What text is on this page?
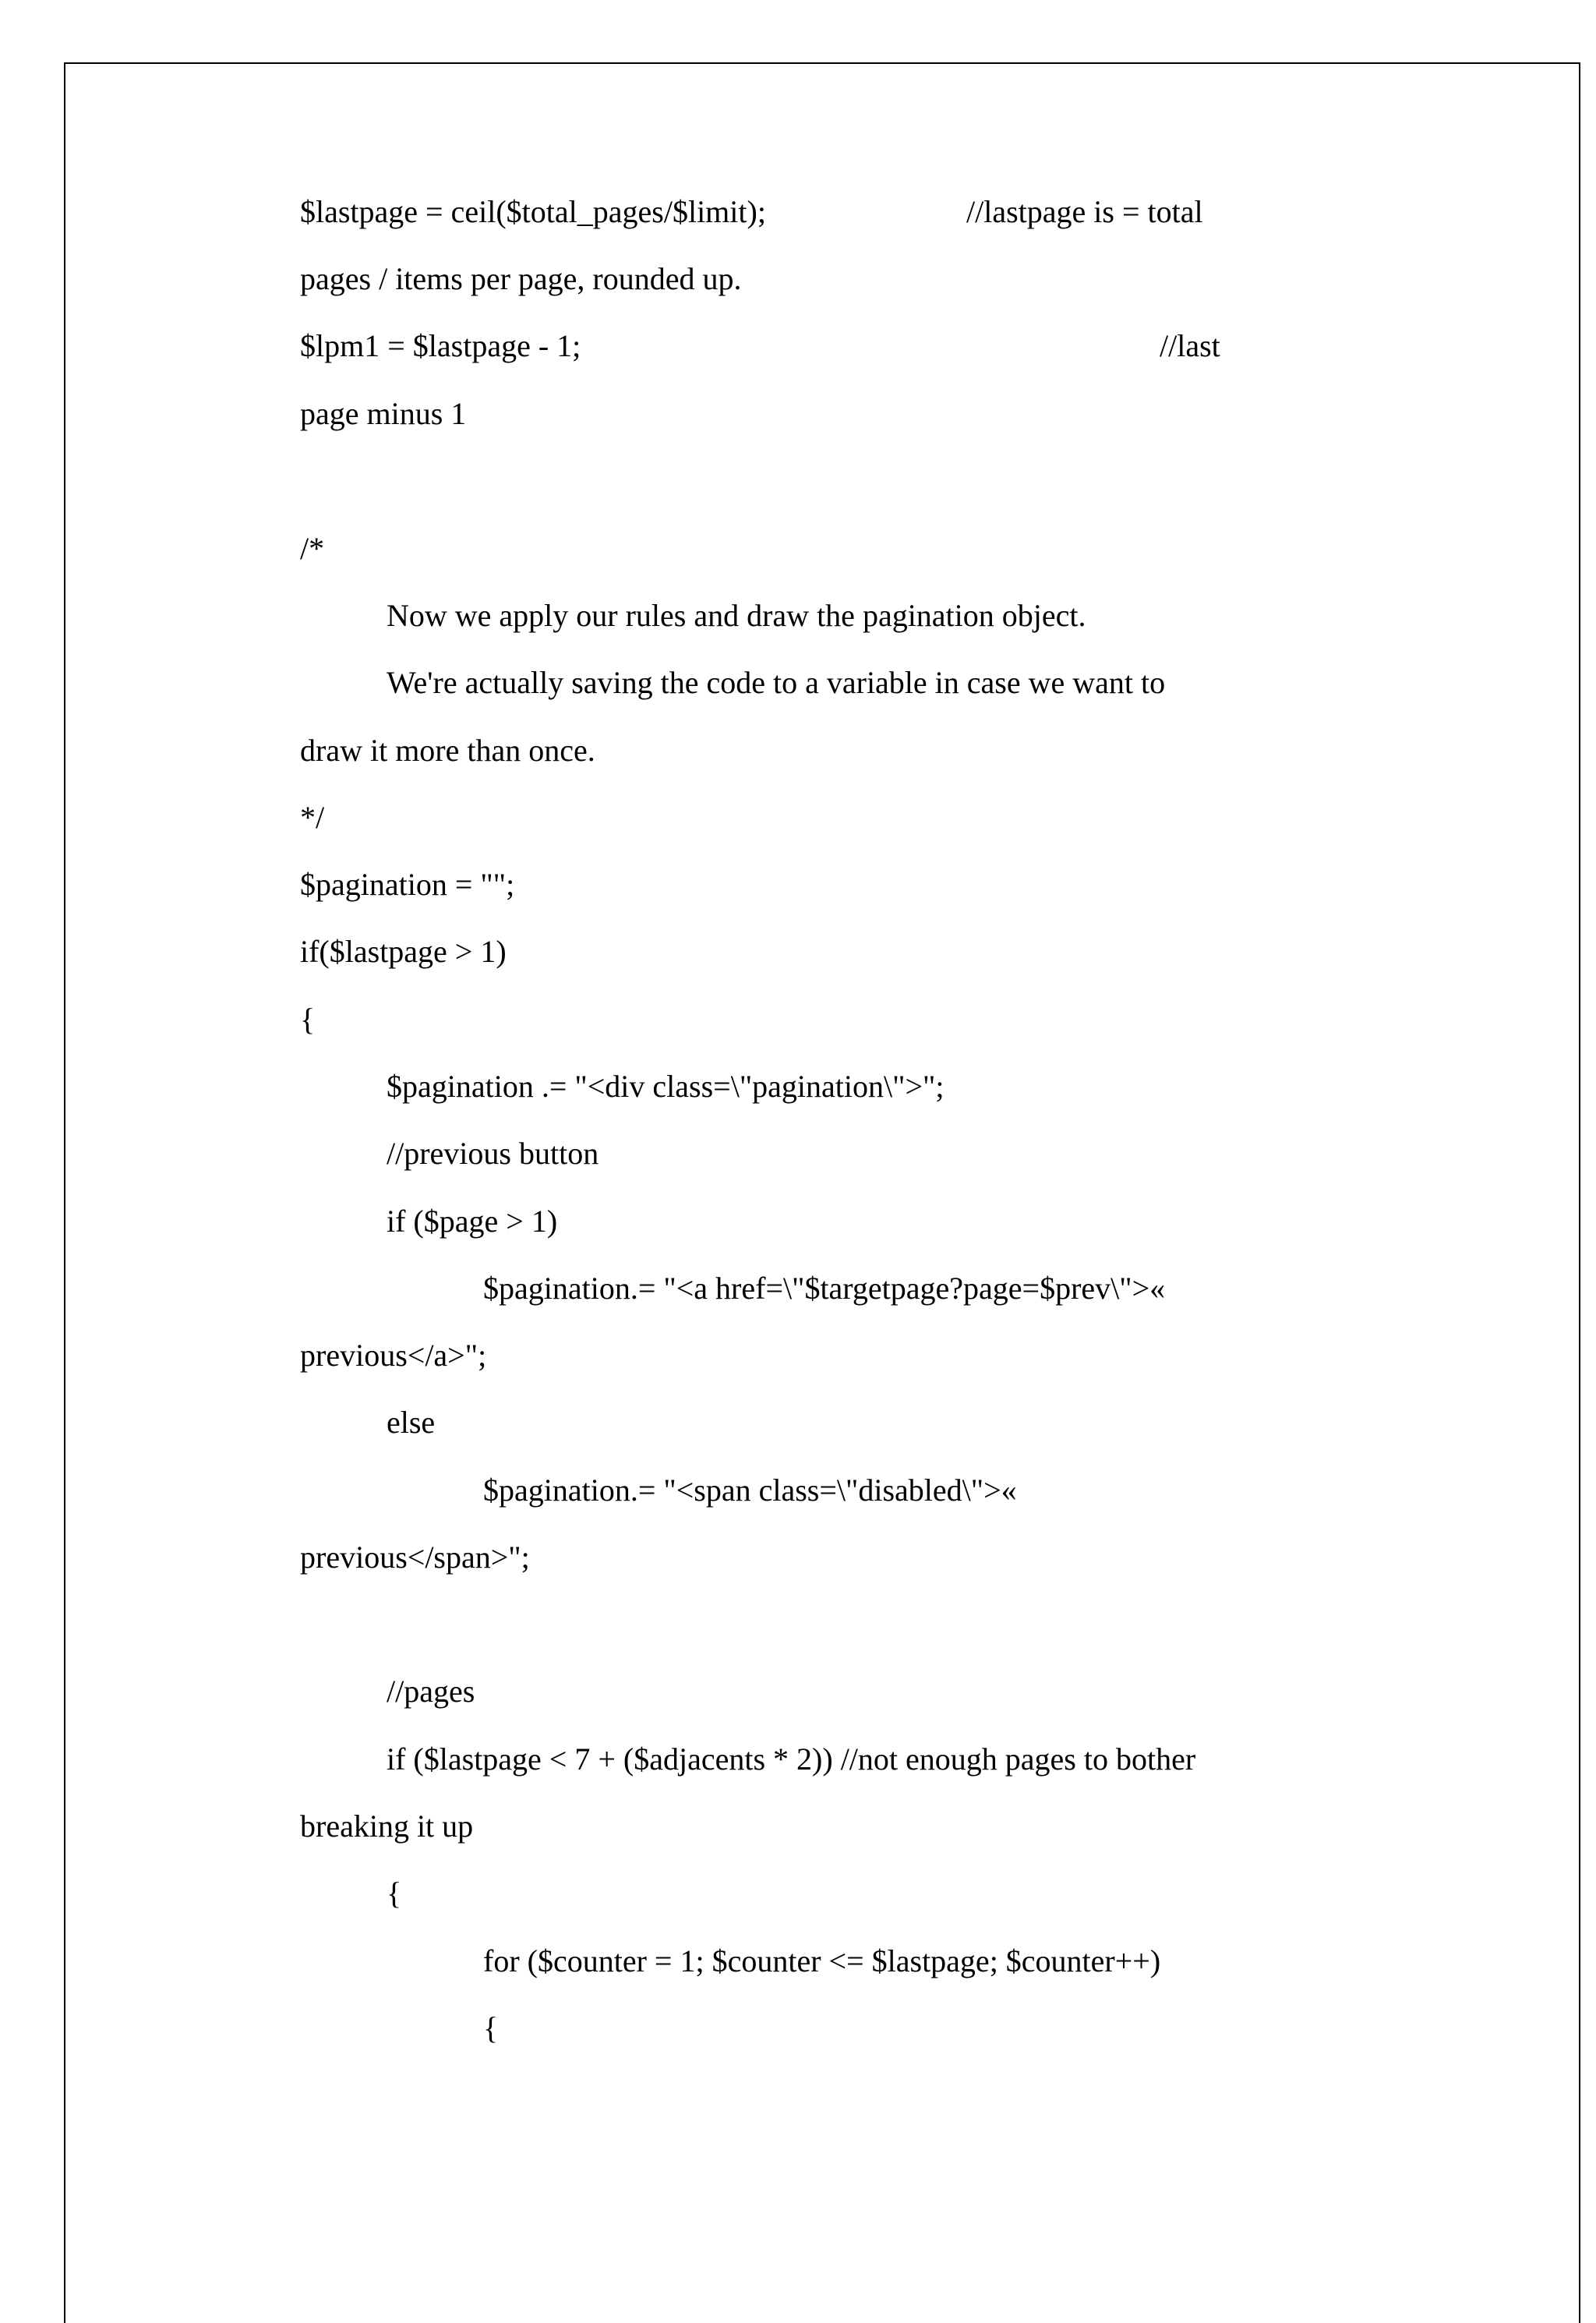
$lastpage = ceil($total_pages/$limit);	//lastpage is = total
pages / items per page, rounded up.
$lpm1 = $lastpage - 1;	//last
page minus 1
/*
Now we apply our rules and draw the pagination object.
We're actually saving the code to a variable in case we want to
draw it more than once.
*/
$pagination = "";
if($lastpage > 1)
{
$pagination .= "<div class=\"pagination\">";
//previous button
if ($page > 1)
$pagination.= "<a href=\"$targetpage?page=$prev\">«
previous</a>";
else
$pagination.= "<span class=\"disabled\">«
previous</span>";
//pages
if ($lastpage < 7 + ($adjacents * 2)) //not enough pages to bother
breaking it up
{
for ($counter = 1; $counter <= $lastpage; $counter++)
{
